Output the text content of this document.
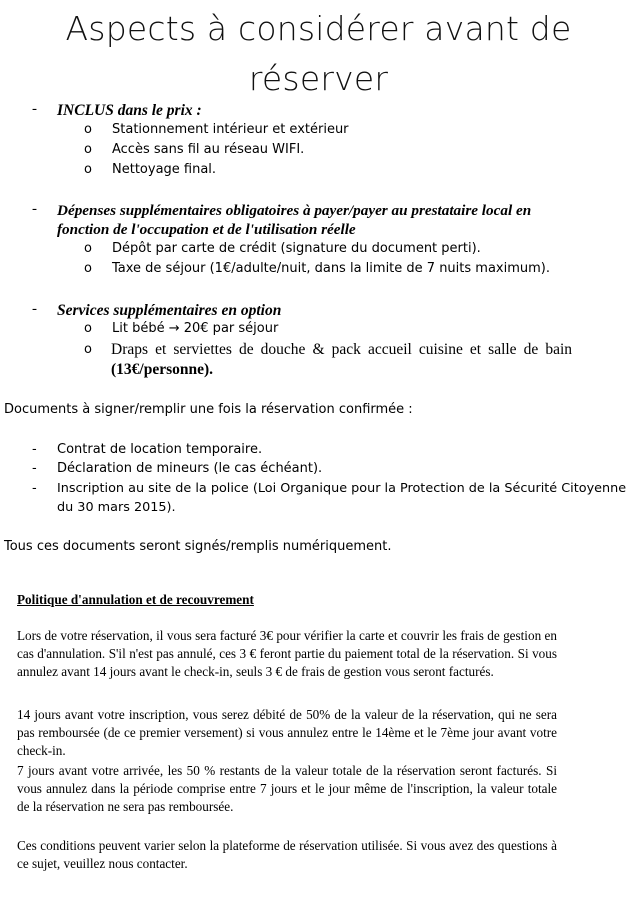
Aspects à considérer avant de
réserver
- INCLUS dans le prix :
o Stationnement intérieur et extérieur
o Accès sans fil au réseau WIFI.
o Nettoyage final.
- Dépenses supplémentaires obligatoires à payer/payer au prestataire local en
fonction de l'occupation et de l'utilisation réelle
o Dépôt par carte de crédit (signature du document perti).
o Taxe de séjour (1€/adulte/nuit, dans la limite de 7 nuits maximum).
- Services supplémentaires en option
o Lit bébé → 20€ par séjour
o Draps et serviettes de douche & pack accueil cuisine et salle de bain
(13€/personne).
Documents à signer/remplir une fois la réservation confirmée :
- Contrat de location temporaire.
- Déclaration de mineurs (le cas échéant).
- Inscription au site de la police (Loi Organique pour la Protection de la Sécurité Citoyenne du 30 mars 2015).
Tous ces documents seront signés/remplis numériquement.
Politique d'annulation et de recouvrement
Lors de votre réservation, il vous sera facturé 3€ pour vérifier la carte et couvrir les frais de gestion en cas d'annulation. S'il n'est pas annulé, ces 3 € feront partie du paiement total de la réservation. Si vous annulez avant 14 jours avant le check-in, seuls 3 € de frais de gestion vous seront facturés.
14 jours avant votre inscription, vous serez débité de 50% de la valeur de la réservation, qui ne sera pas remboursée (de ce premier versement) si vous annulez entre le 14ème et le 7ème jour avant votre check-in.
7 jours avant votre arrivée, les 50 % restants de la valeur totale de la réservation seront facturés. Si vous annulez dans la période comprise entre 7 jours et le jour même de l'inscription, la valeur totale de la réservation ne sera pas remboursée.
Ces conditions peuvent varier selon la plateforme de réservation utilisée. Si vous avez des questions à ce sujet, veuillez nous contacter.
